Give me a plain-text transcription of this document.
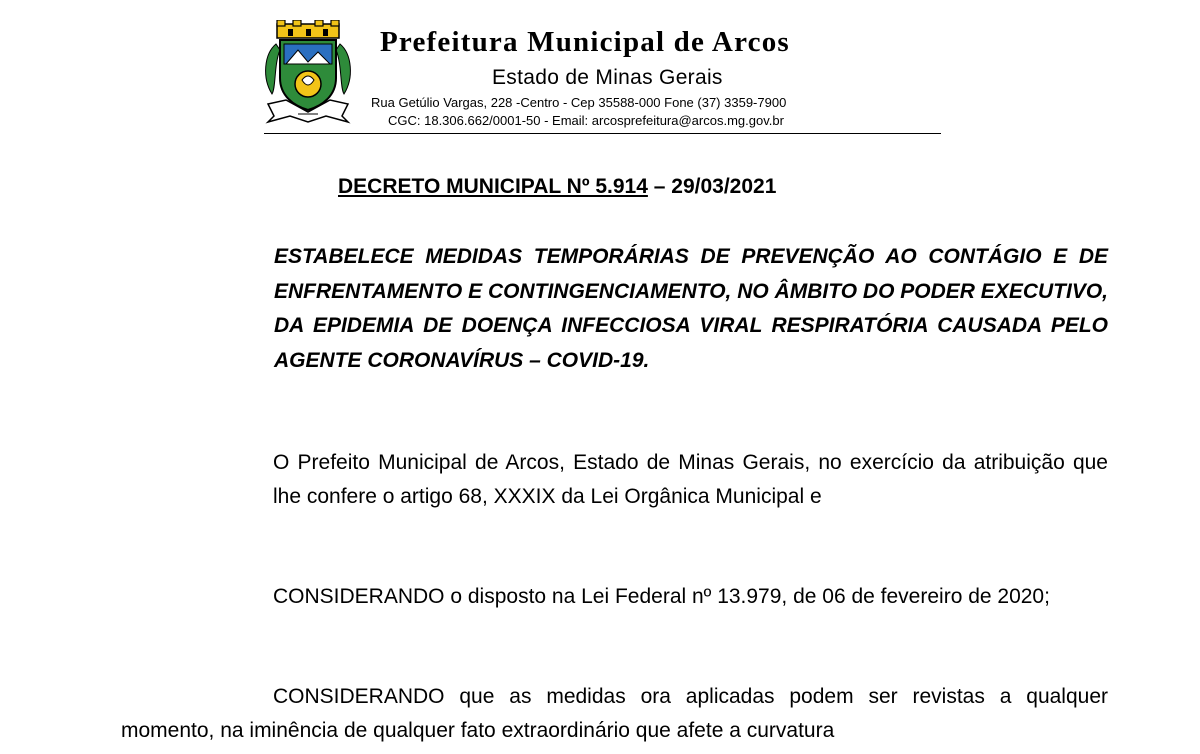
Prefeitura Municipal de Arcos
Estado de Minas Gerais
Rua Getúlio Vargas, 228 -Centro - Cep 35588-000 Fone (37) 3359-7900
CGC: 18.306.662/0001-50 - Email: arcosprefeitura@arcos.mg.gov.br
DECRETO MUNICIPAL Nº 5.914 – 29/03/2021
ESTABELECE MEDIDAS TEMPORÁRIAS DE PREVENÇÃO AO CONTÁGIO E DE ENFRENTAMENTO E CONTINGENCIAMENTO, NO ÂMBITO DO PODER EXECUTIVO, DA EPIDEMIA DE DOENÇA INFECCIOSA VIRAL RESPIRATÓRIA CAUSADA PELO AGENTE CORONAVÍRUS – COVID-19.
O Prefeito Municipal de Arcos, Estado de Minas Gerais, no exercício da atribuição que lhe confere o artigo 68, XXXIX da Lei Orgânica Municipal e
CONSIDERANDO o disposto na Lei Federal nº 13.979, de 06 de fevereiro de 2020;
CONSIDERANDO que as medidas ora aplicadas podem ser revistas a qualquer momento, na iminência de qualquer fato extraordinário que afete a curvatura
